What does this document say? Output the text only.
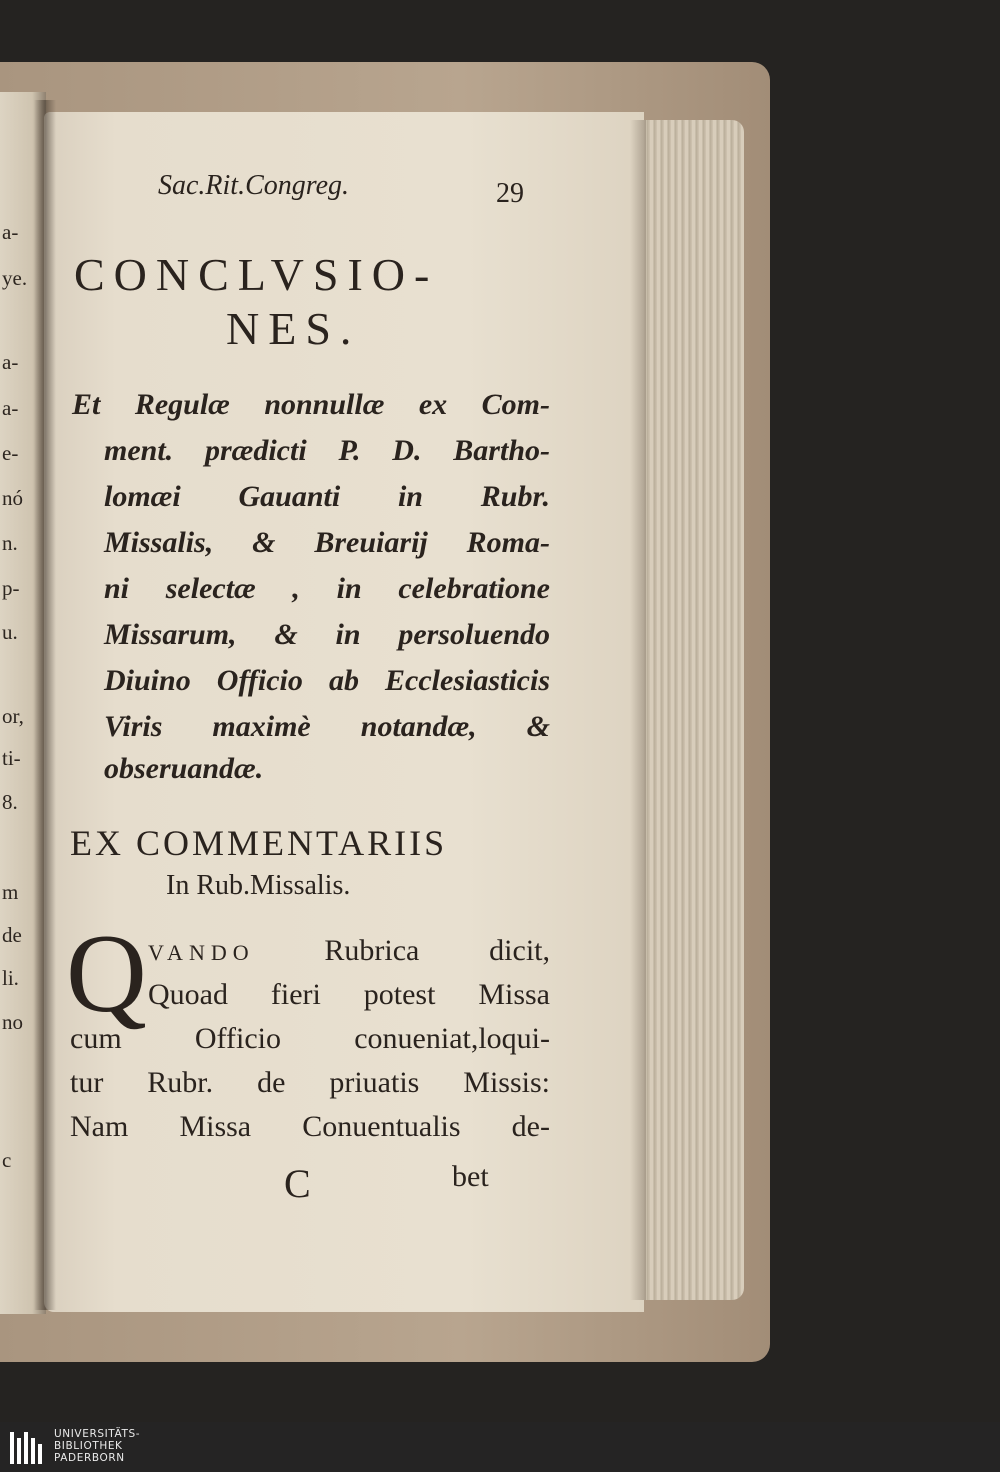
a-
ye.
a-
a-
e-
nó
n.
p-
u.
or,
ti-
8.
m
de
li.
no
c
Sac.Rit.Congreg.	29
CONCLVSIO-
NES.
Et Regulæ nonnullæ ex Com-
ment. prædicti P. D. Bartho-
lomæi Gauanti in Rubr.
Missalis, & Breuiarij Roma-
ni selectæ , in celebratione
Missarum, & in persoluendo
Diuino Officio ab Ecclesiasticis
Viris maximè notandæ, &
obseruandæ.
EX COMMENTARIIS
In Rub.Missalis.
Q VANDO Rubrica dicit,
Quoad fieri potest Missa
cum Officio conueniat,loqui-
tur Rubr. de priuatis Missis:
Nam Missa Conuentualis de-
C	bet
UNIVERSITÄTS-
BIBLIOTHEK
PADERBORN
